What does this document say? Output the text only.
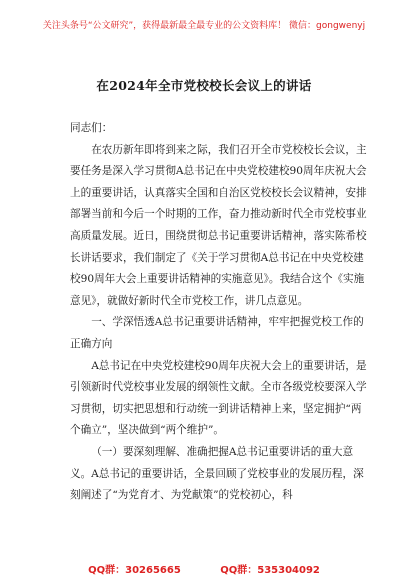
关注头条号“公文研究”，获得最新最全最专业的公文资料库！ 微信：gongwenyj
在2024年全市党校校长会议上的讲话

同志们：

在农历新年即将到来之际，我们召开全市党校校长会议，主要任务是深入学习贯彻A总书记在中央党校建校90周年庆祝大会上的重要讲话，认真落实全国和自治区党校校长会议精神，安排部署当前和今后一个时期的工作，奋力推动新时代全市党校事业高质量发展。近日，围绕贯彻总书记重要讲话精神，落实陈希校长讲话要求，我们制定了《关于学习贯彻A总书记在中央党校建校90周年大会上重要讲话精神的实施意见》。我结合这个《实施意见》，就做好新时代全市党校工作，讲几点意见。

一、学深悟透A总书记重要讲话精神，牢牢把握党校工作的正确方向

A总书记在中央党校建校90周年庆祝大会上的重要讲话，是引领新时代党校事业发展的纲领性文献。全市各级党校要深入学习贯彻，切实把思想和行动统一到讲话精神上来，坚定拥护“两个确立”，坚决做到“两个维护”。

（一）要深刻理解、准确把握A总书记重要讲话的重大意义。A总书记的重要讲话，全景回顾了党校事业的发展历程，深刻阐述了“为党育才、为党献策”的党校初心，科

QQ群：30265665	QQ群：535304092
